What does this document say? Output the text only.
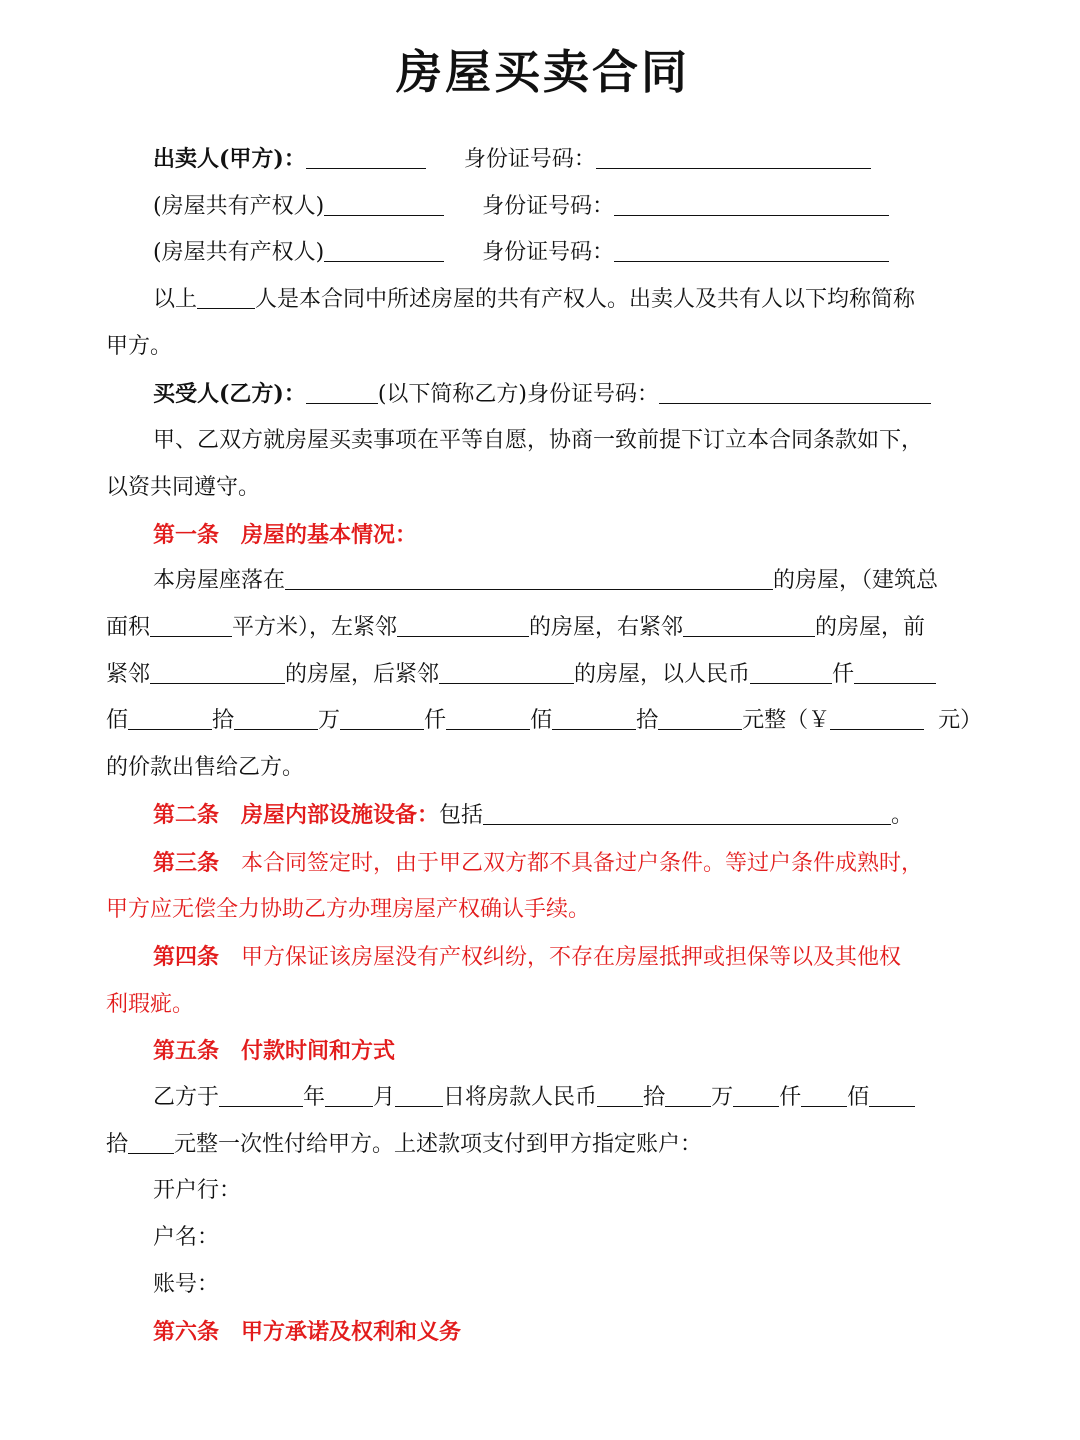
房屋买卖合同
出卖人(甲方)：	身份证号码：
(房屋共有产权人)	身份证号码：
(房屋共有产权人)	身份证号码：
以上	人是本合同中所述房屋的共有产权人。出卖人及共有人以下均称简称
甲方。
买受人(乙方)：	(以下简称乙方)身份证号码：
甲、乙双方就房屋买卖事项在平等自愿，协商一致前提下订立本合同条款如下，
以资共同遵守。
第一条　房屋的基本情况：
本房屋座落在	的房屋，（建筑总
面积	平方米），左紧邻	的房屋，右紧邻	的房屋，前
紧邻	的房屋，后紧邻	的房屋，以人民币	仟
佰	拾	万	仟	佰	拾	元整（￥	元）
的价款出售给乙方。
第二条　房屋内部设施设备：包括	。
第三条 本合同签定时，由于甲乙双方都不具备过户条件。等过户条件成熟时，
甲方应无偿全力协助乙方办理房屋产权确认手续。
第四条 甲方保证该房屋没有产权纠纷，不存在房屋抵押或担保等以及其他权
利瑕疵。
第五条　付款时间和方式
乙方于	年 月 日将房款人民币 拾 万 仟 佰
拾 元整一次性付给甲方。上述款项支付到甲方指定账户：
开户行：
户名：
账号：
第六条　甲方承诺及权利和义务
